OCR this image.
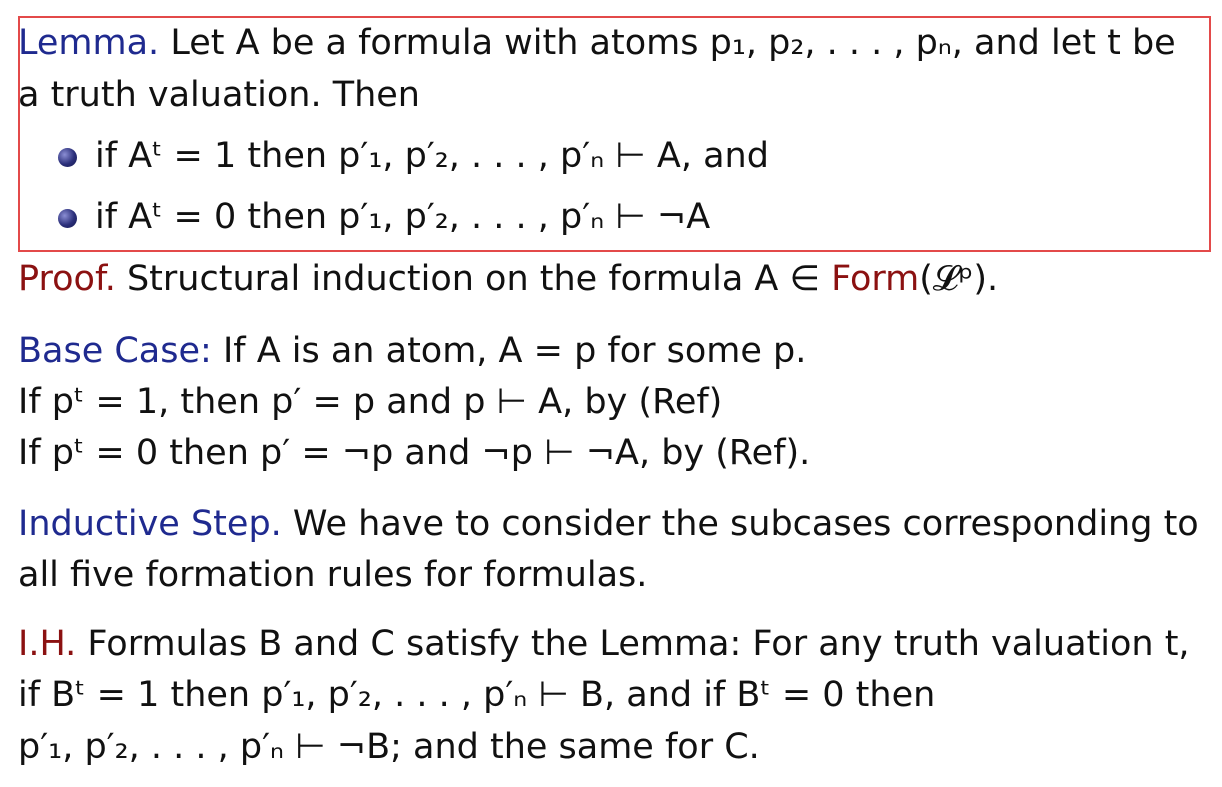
Lemma. Let A be a formula with atoms p₁, p₂, . . . , pₙ, and let t be
a truth valuation. Then
if Aᵗ = 1 then p′₁, p′₂, . . . , p′ₙ ⊢ A, and
if Aᵗ = 0 then p′₁, p′₂, . . . , p′ₙ ⊢ ¬A
Proof. Structural induction on the formula A ∈ Form(𝓛ᵖ).
Base Case: If A is an atom, A = p for some p.
If pᵗ = 1, then p′ = p and p ⊢ A, by (Ref)
If pᵗ = 0 then p′ = ¬p and ¬p ⊢ ¬A, by (Ref).
Inductive Step. We have to consider the subcases corresponding to
all five formation rules for formulas.
I.H. Formulas B and C satisfy the Lemma: For any truth valuation t,
if Bᵗ = 1 then p′₁, p′₂, . . . , p′ₙ ⊢ B, and if Bᵗ = 0 then
p′₁, p′₂, . . . , p′ₙ ⊢ ¬B; and the same for C.
